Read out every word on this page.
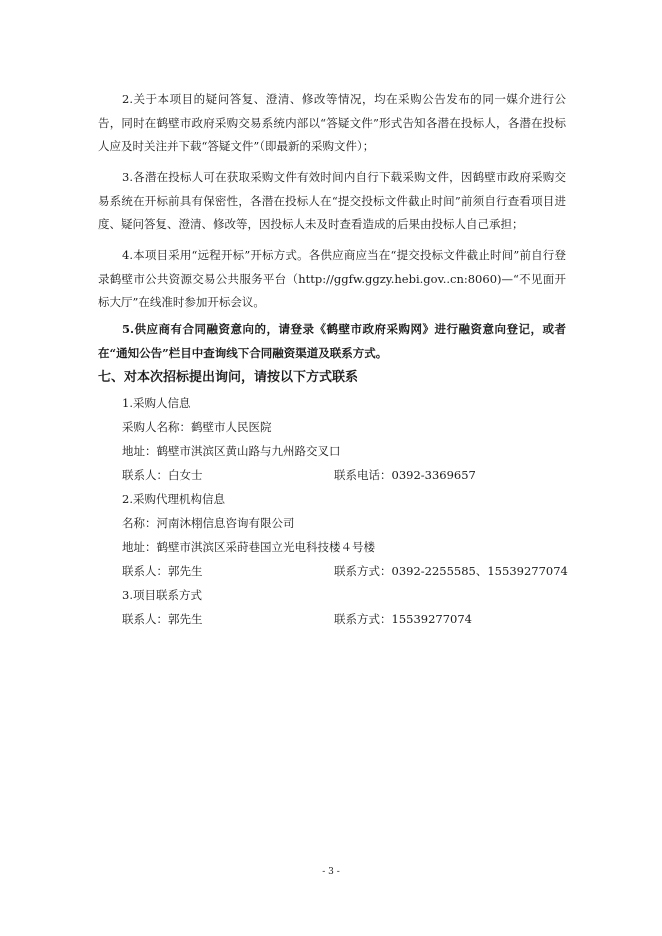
2.关于本项目的疑问答复、澄清、修改等情况，均在采购公告发布的同一媒介进行公告，同时在鹤壁市政府采购交易系统内部以“答疑文件”形式告知各潜在投标人，各潜在投标人应及时关注并下载“答疑文件”（即最新的采购文件）；

3.各潜在投标人可在获取采购文件有效时间内自行下载采购文件，因鹤壁市政府采购交易系统在开标前具有保密性，各潜在投标人在“提交投标文件截止时间”前须自行查看项目进度、疑问答复、澄清、修改等，因投标人未及时查看造成的后果由投标人自己承担；

4.本项目采用“远程开标”开标方式。各供应商应当在“提交投标文件截止时间”前自行登录鹤壁市公共资源交易公共服务平台（http://ggfw.ggzy.hebi.gov..cn:8060)—“不见面开标大厅”在线准时参加开标会议。

5.供应商有合同融资意向的，请登录《鹤壁市政府采购网》进行融资意向登记，或者在“通知公告”栏目中查询线下合同融资渠道及联系方式。

七、对本次招标提出询问，请按以下方式联系

1.采购人信息

采购人名称：鹤壁市人民医院

地址：鹤壁市淇滨区黄山路与九州路交叉口

联系人：白女士	联系电话：0392-3369657

2.采购代理机构信息

名称：河南沐栩信息咨询有限公司

地址：鹤壁市淇滨区采莳巷国立光电科技楼４号楼

联系人：郭先生	联系方式：0392-2255585、15539277074

3.项目联系方式

联系人：郭先生	联系方式：15539277074
- 3 -
